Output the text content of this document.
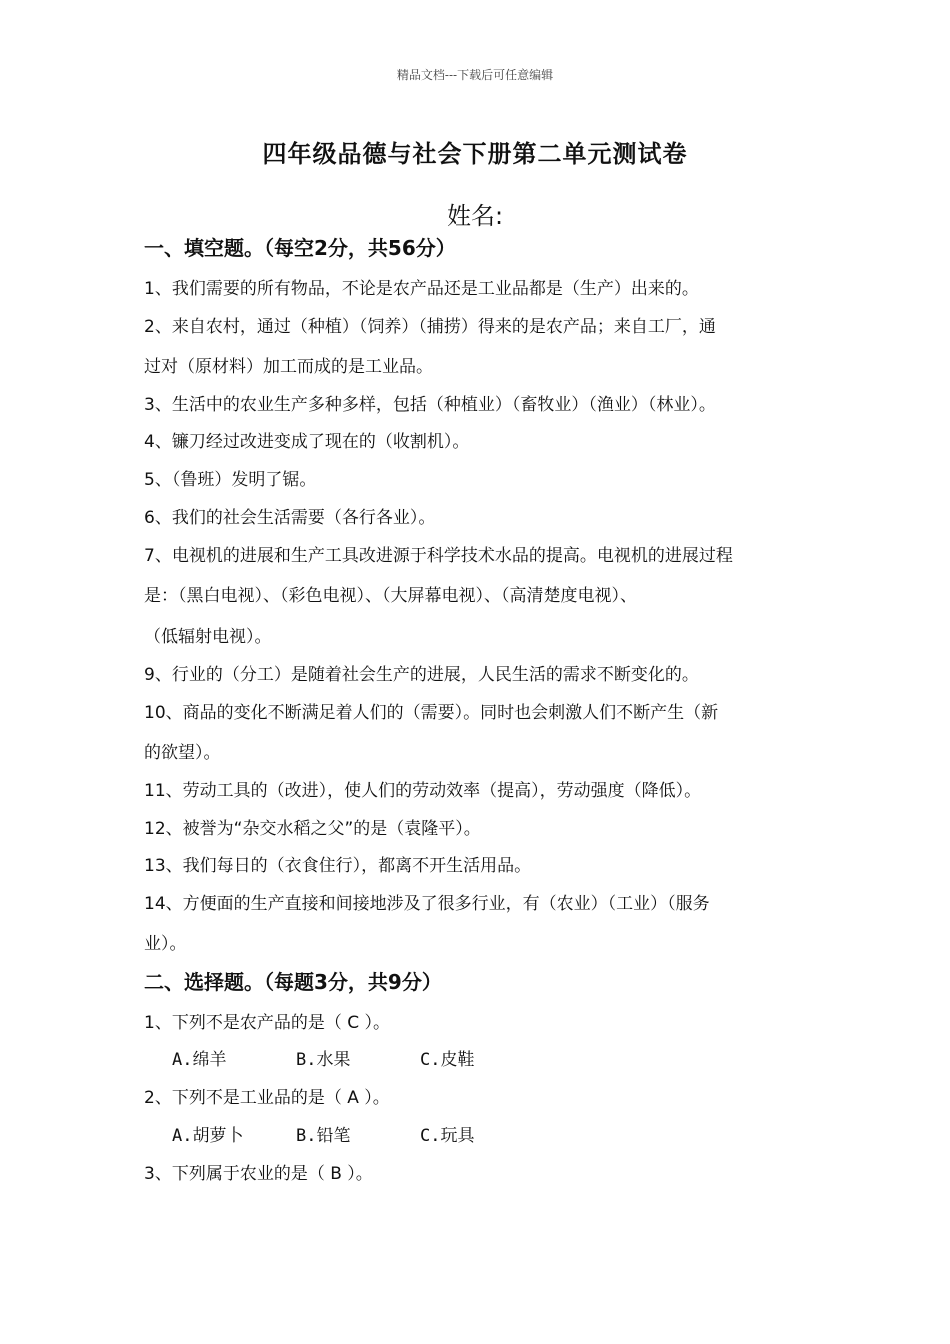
精品文档---下载后可任意编辑
四年级品德与社会下册第二单元测试卷
姓名:
一、填空题。（每空2分，共56分）
1、我们需要的所有物品，不论是农产品还是工业品都是（生产）出来的。
2、来自农村，通过（种植）（饲养）（捕捞）得来的是农产品；来自工厂，通
过对（原材料）加工而成的是工业品。
3、生活中的农业生产多种多样，包括（种植业）（畜牧业）（渔业）（林业）。
4、镰刀经过改进变成了现在的（收割机）。
5、（鲁班）发明了锯。
6、我们的社会生活需要（各行各业）。
7、电视机的进展和生产工具改进源于科学技术水品的提高。电视机的进展过程
是：（黑白电视）、（彩色电视）、（大屏幕电视）、（高清楚度电视）、
（低辐射电视）。
9、行业的（分工）是随着社会生产的进展，人民生活的需求不断变化的。
10、商品的变化不断满足着人们的（需要）。同时也会刺激人们不断产生（新
的欲望）。
11、劳动工具的（改进），使人们的劳动效率（提高），劳动强度（降低）。
12、被誉为“杂交水稻之父”的是（袁隆平）。
13、我们每日的（衣食住行），都离不开生活用品。
14、方便面的生产直接和间接地涉及了很多行业，有（农业）（工业）（服务
业）。
二、选择题。（每题3分，共9分）
1、下列不是农产品的是（ C ）。
A.绵羊	B.水果	C.皮鞋
2、下列不是工业品的是（ A ）。
A.胡萝卜	B.铅笔	C.玩具
3、下列属于农业的是（ B ）。
